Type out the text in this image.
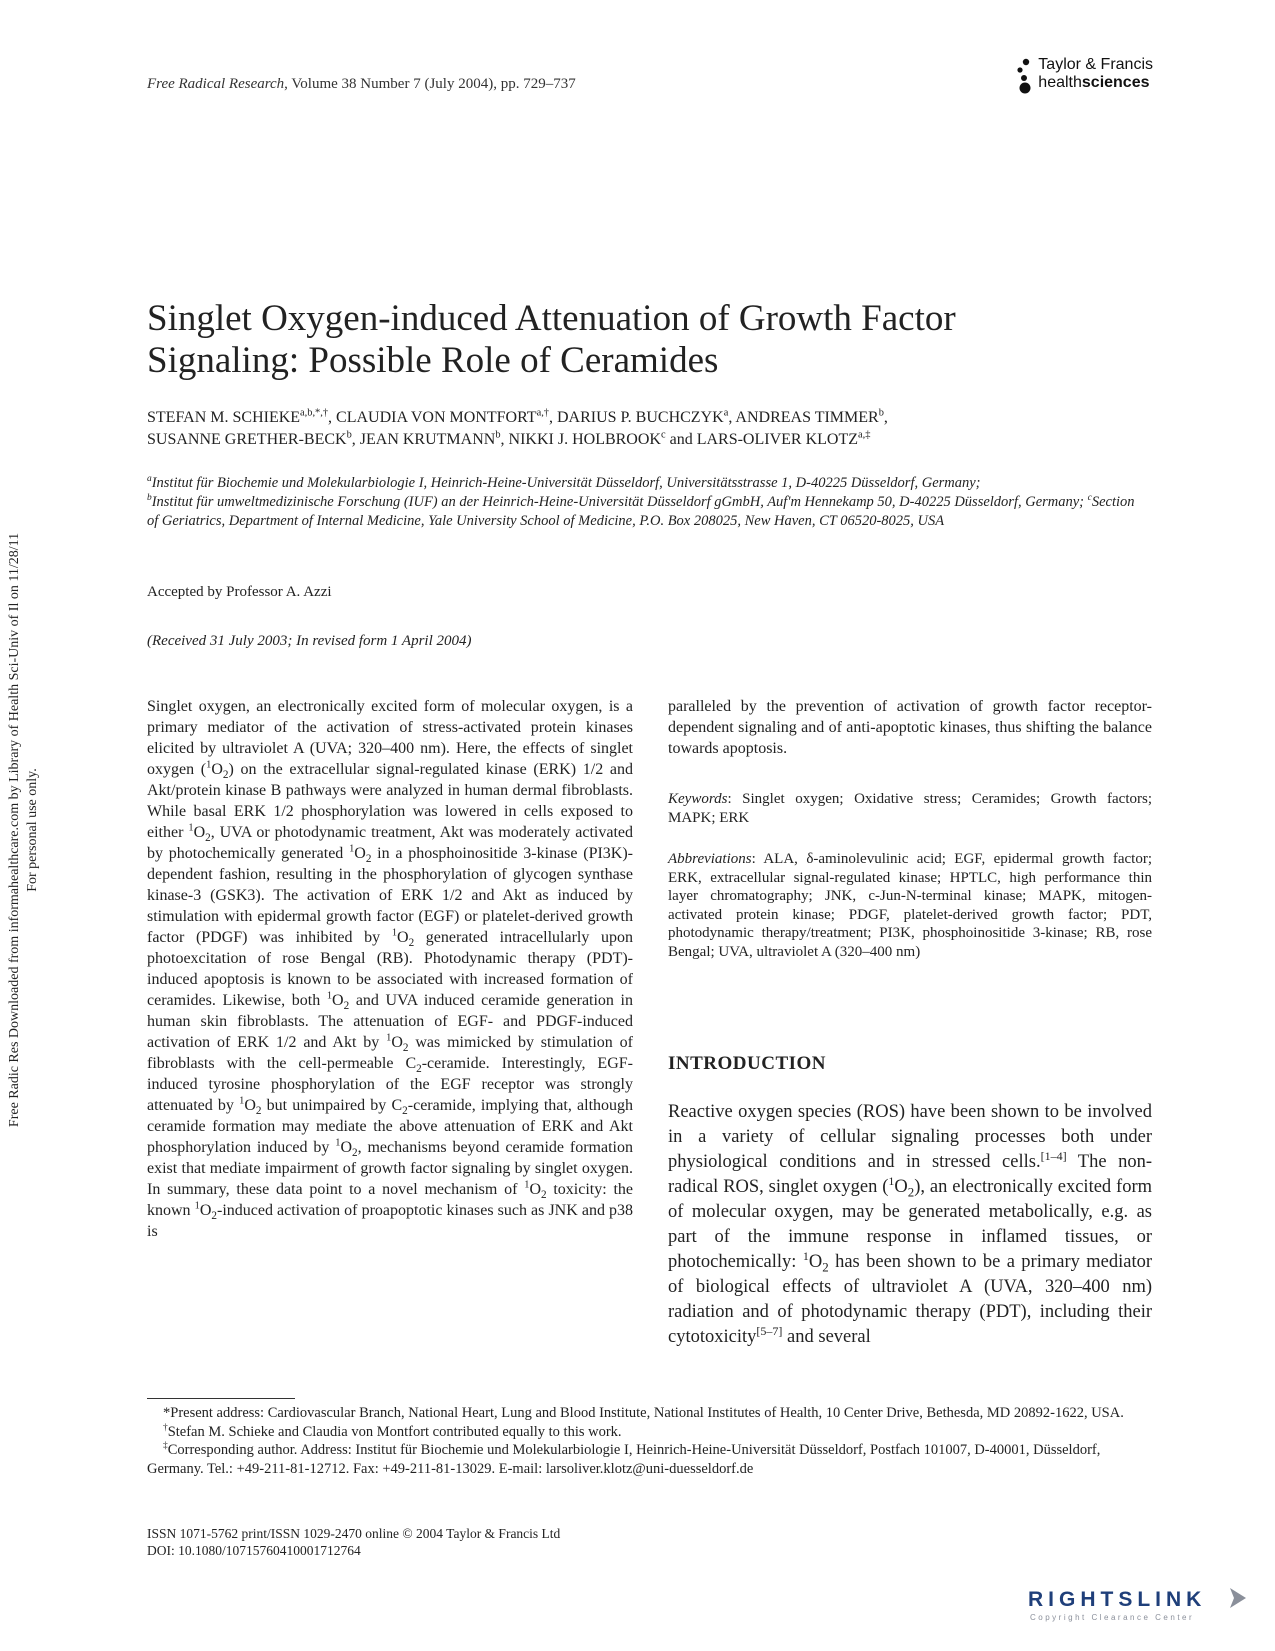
Free Radical Research, Volume 38 Number 7 (July 2004), pp. 729–737
Taylor & Francis
healthsciences
Free Radic Res Downloaded from informahealthcare.com by Library of Health Sci-Univ of Il on 11/28/11 For personal use only.
Singlet Oxygen-induced Attenuation of Growth Factor
Signaling: Possible Role of Ceramides
STEFAN M. $SCHIEKE^{a,b,*,\dagger}$, CLAUDIA VON $MONTFORT^{a,\dagger}$, DARIUS P. BUCHCZYK$^a$, ANDREAS TIMMER$^b$,
SUSANNE GRETHER-BECK$^b$, JEAN KRUTMANN$^b$, NIKKI J. HOLBROOK$^c$ and LARS-OLIVER $KLOTZ^{a,\ddagger}$
$^a$Institut für Biochemie und Molekularbiologie I, Heinrich-Heine-Universität Düsseldorf, Universitätsstrasse 1, D-40225 Düsseldorf, Germany;
$^b$Institut für umweltmedizinische Forschung (IUF) an der Heinrich-Heine-Universität Düsseldorf gGmbH, Auf'm Hennekamp 50, D-40225 Düsseldorf, Germany; $^c$Section of Geriatrics, Department of Internal Medicine, Yale University School of Medicine, P.O. Box 208025, New Haven, CT 06520-8025, USA
Accepted by Professor A. Azzi
(Received 31 July 2003; In revised form 1 April 2004)
Singlet oxygen, an electronically excited form of molecular oxygen, is a primary mediator of the activation of stress-activated protein kinases elicited by ultraviolet A (UVA; 320–400 nm). Here, the effects of singlet oxygen $(^1O_2)$ on the extracellular signal-regulated kinase (ERK) 1/2 and Akt/protein kinase B pathways were analyzed in human dermal fibroblasts. While basal ERK 1/2 phosphorylation was lowered in cells exposed to either $^1O_2$, UVA or photodynamic treatment, Akt was moderately activated by photochemically generated $^1O_2$ in a phosphoinositide 3-kinase (PI3K)-dependent fashion, resulting in the phosphorylation of glycogen synthase kinase-3 (GSK3). The activation of ERK 1/2 and Akt as induced by stimulation with epidermal growth factor (EGF) or platelet-derived growth factor (PDGF) was inhibited by $^1O_2$ generated intracellularly upon photoexcitation of rose Bengal (RB). Photodynamic therapy (PDT)-induced apoptosis is known to be associated with increased formation of ceramides. Likewise, both $^1O_2$ and UVA induced ceramide generation in human skin fibroblasts. The attenuation of EGF- and PDGF-induced activation of ERK 1/2 and Akt by $^1O_2$ was mimicked by stimulation of fibroblasts with the cell-permeable $C_2$-ceramide. Interestingly, EGF-induced tyrosine phosphorylation of the EGF receptor was strongly attenuated by $^1O_2$ but unimpaired by $C_2$-ceramide, implying that, although ceramide formation may mediate the above attenuation of ERK and Akt phosphorylation induced by $^1O_2$, mechanisms beyond ceramide formation exist that mediate impairment of growth factor signaling by singlet oxygen. In summary, these data point to a novel mechanism of $^1O_2$ toxicity: the known $^1O_2$-induced activation of proapoptotic kinases such as JNK and p38 is
paralleled by the prevention of activation of growth factor receptor-dependent signaling and of anti-apoptotic kinases, thus shifting the balance towards apoptosis.
Keywords: Singlet oxygen; Oxidative stress; Ceramides; Growth factors; MAPK; ERK
Abbreviations: ALA, δ-aminolevulinic acid; EGF, epidermal growth factor; ERK, extracellular signal-regulated kinase; HPTLC, high performance thin layer chromatography; JNK, c-Jun-N-terminal kinase; MAPK, mitogen-activated protein kinase; PDGF, platelet-derived growth factor; PDT, photodynamic therapy/treatment; PI3K, phosphoinositide 3-kinase; RB, rose Bengal; UVA, ultraviolet A (320–400 nm)
INTRODUCTION
Reactive oxygen species (ROS) have been shown to be involved in a variety of cellular signaling processes both under physiological conditions and in stressed cells.[1–4] The non-radical ROS, singlet oxygen $(^1O_2)$, an electronically excited form of molecular oxygen, may be generated metabolically, e.g. as part of the immune response in inflamed tissues, or photochemically: $^1O_2$ has been shown to be a primary mediator of biological effects of ultraviolet A (UVA, 320–400 nm) radiation and of photodynamic therapy (PDT), including their cytotoxicity[5–7] and several

*Present address: Cardiovascular Branch, National Heart, Lung and Blood Institute, National Institutes of Health, 10 Center Drive, Bethesda, MD 20892-1622, USA.

†Stefan M. Schieke and Claudia von Montfort contributed equally to this work.

‡Corresponding author. Address: Institut für Biochemie und Molekularbiologie I, Heinrich-Heine-Universität Düsseldorf, Postfach 101007, D-40001, Düsseldorf, Germany. Tel.: +49-211-81-12712. Fax: +49-211-81-13029. E-mail: larsoliver.klotz@uni-duesseldorf.de

ISSN 1071-5762 print/ISSN 1029-2470 online © 2004 Taylor & Francis Ltd
DOI: 10.1080/10715760410001712764
RIGHTSLINK
Copyright Clearance Center
